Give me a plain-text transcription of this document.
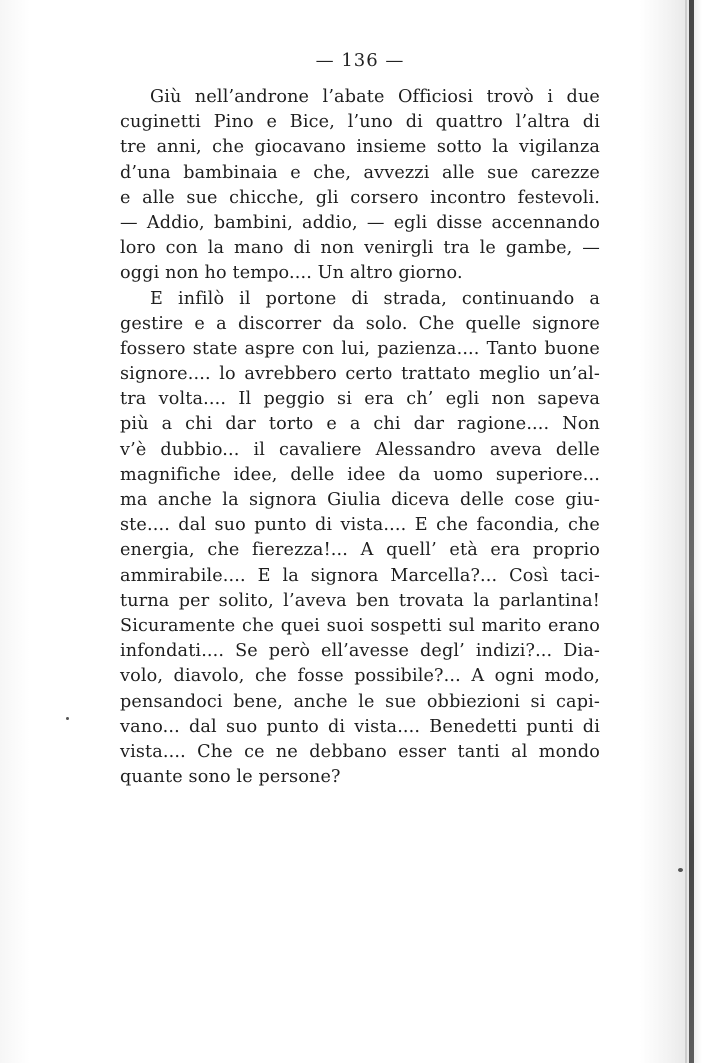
— 136 —
Giù nell’androne l’abate Officiosi trovò i due
cuginetti Pino e Bice, l’uno di quattro l’altra di
tre anni, che giocavano insieme sotto la vigilanza
d’una bambinaia e che, avvezzi alle sue carezze
e alle sue chicche, gli corsero incontro festevoli.
— Addio, bambini, addio, — egli disse accennando
loro con la mano di non venirgli tra le gambe, —
oggi non ho tempo.... Un altro giorno.
E infilò il portone di strada, continuando a
gestire e a discorrer da solo. Che quelle signore
fossero state aspre con lui, pazienza.... Tanto buone
signore.... lo avrebbero certo trattato meglio un’al-
tra volta.... Il peggio si era ch’ egli non sapeva
più a chi dar torto e a chi dar ragione.... Non
v’è dubbio... il cavaliere Alessandro aveva delle
magnifiche idee, delle idee da uomo superiore...
ma anche la signora Giulia diceva delle cose giu-
ste.... dal suo punto di vista.... E che facondia, che
energia, che fierezza!... A quell’ età era proprio
ammirabile.... E la signora Marcella?... Così taci-
turna per solito, l’aveva ben trovata la parlantina!
Sicuramente che quei suoi sospetti sul marito erano
infondati.... Se però ell’avesse degl’ indizi?... Dia-
volo, diavolo, che fosse possibile?... A ogni modo,
pensandoci bene, anche le sue obbiezioni si capi-
vano... dal suo punto di vista.... Benedetti punti di
vista.... Che ce ne debbano esser tanti al mondo
quante sono le persone?
